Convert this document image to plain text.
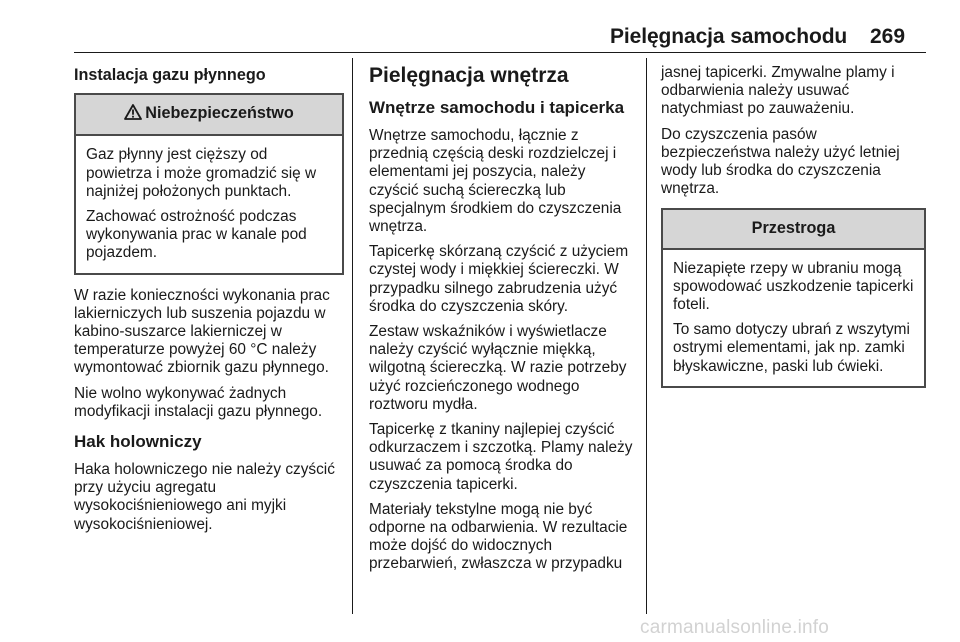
Pielęgnacja samochodu 269
Instalacja gazu płynnego
Niebezpieczeństwo

Gaz płynny jest cięższy od powietrza i może gromadzić się w najniżej położonych punktach.

Zachować ostrożność podczas wykonywania prac w kanale pod pojazdem.

W razie konieczności wykonania prac lakierniczych lub suszenia pojazdu w kabino-suszarce lakierniczej w temperaturze powyżej 60 °C należy wymontować zbiornik gazu płynnego.

Nie wolno wykonywać żadnych modyfikacji instalacji gazu płynnego.

Hak holowniczy

Haka holowniczego nie należy czyścić przy użyciu agregatu wysokociśnieniowego ani myjki wysokociśnieniowej.

Pielęgnacja wnętrza
Wnętrze samochodu i tapicerka

Wnętrze samochodu, łącznie z przednią częścią deski rozdzielczej i elementami jej poszycia, należy czyścić suchą ściereczką lub specjalnym środkiem do czyszczenia wnętrza.

Tapicerkę skórzaną czyścić z użyciem czystej wody i miękkiej ściereczki. W przypadku silnego zabrudzenia użyć środka do czyszczenia skóry.

Zestaw wskaźników i wyświetlacze należy czyścić wyłącznie miękką, wilgotną ściereczką. W razie potrzeby użyć rozcieńczonego wodnego roztworu mydła.

Tapicerkę z tkaniny najlepiej czyścić odkurzaczem i szczotką. Plamy należy usuwać za pomocą środka do czyszczenia tapicerki.

Materiały tekstylne mogą nie być odporne na odbarwienia. W rezultacie może dojść do widocznych przebarwień, zwłaszcza w przypadku

jasnej tapicerki. Zmywalne plamy i odbarwienia należy usuwać natychmiast po zauważeniu.

Do czyszczenia pasów bezpieczeństwa należy użyć letniej wody lub środka do czyszczenia wnętrza.

Przestroga

Niezapięte rzepy w ubraniu mogą spowodować uszkodzenie tapicerki foteli.

To samo dotyczy ubrań z wszytymi ostrymi elementami, jak np. zamki błyskawiczne, paski lub ćwieki.

carmanualsonline.info
